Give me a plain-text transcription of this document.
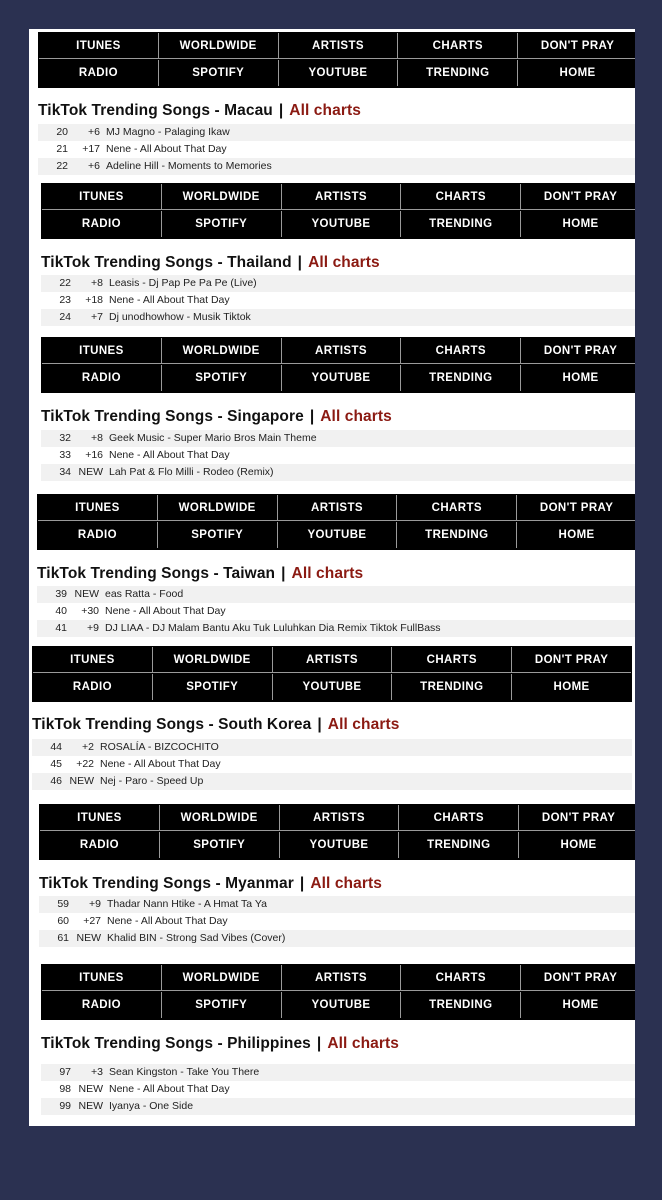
ITUNES	WORLDWIDE	ARTISTS	CHARTS	DON'T PRAY
RADIO	SPOTIFY	YOUTUBE	TRENDING	HOME
TikTok Trending Songs - Macau | All charts
20	+6 MJ Magno - Palaging Ikaw
21	+17 Nene - All About That Day
22	+6 Adeline Hill - Moments to Memories
ITUNES	WORLDWIDE	ARTISTS	CHARTS	DON'T PRAY
RADIO	SPOTIFY	YOUTUBE	TRENDING	HOME
TikTok Trending Songs - Thailand | All charts
22	+8 Leasis - Dj Pap Pe Pa Pe (Live)
23	+18 Nene - All About That Day
24	+7 Dj unodhowhow - Musik Tiktok
ITUNES	WORLDWIDE	ARTISTS	CHARTS	DON'T PRAY
RADIO	SPOTIFY	YOUTUBE	TRENDING	HOME
TikTok Trending Songs - Singapore | All charts
32	+8 Geek Music - Super Mario Bros Main Theme
33	+16 Nene - All About That Day
34 NEW Lah Pat & Flo Milli - Rodeo (Remix)
ITUNES	WORLDWIDE	ARTISTS	CHARTS	DON'T PRAY
RADIO	SPOTIFY	YOUTUBE	TRENDING	HOME
TikTok Trending Songs - Taiwan | All charts
39 NEW eas Ratta - Food
40	+30 Nene - All About That Day
41	+9 DJ LIAA - DJ Malam Bantu Aku Tuk Luluhkan Dia Remix Tiktok FullBass
ITUNES	WORLDWIDE	ARTISTS	CHARTS	DON'T PRAY
RADIO	SPOTIFY	YOUTUBE	TRENDING	HOME
TikTok Trending Songs - South Korea | All charts
44	+2 ROSALÍA - BIZCOCHITO
45	+22 Nene - All About That Day
46 NEW Nej - Paro - Speed Up
ITUNES	WORLDWIDE	ARTISTS	CHARTS	DON'T PRAY
RADIO	SPOTIFY	YOUTUBE	TRENDING	HOME
TikTok Trending Songs - Myanmar | All charts
59	+9 Thadar Nann Htike - A Hmat Ta Ya
60	+27 Nene - All About That Day
61 NEW Khalid BIN - Strong Sad Vibes (Cover)
ITUNES	WORLDWIDE	ARTISTS	CHARTS	DON'T PRAY
RADIO	SPOTIFY	YOUTUBE	TRENDING	HOME
TikTok Trending Songs - Philippines | All charts
97	+3 Sean Kingston - Take You There
98 NEW Nene - All About That Day
99 NEW Iyanya - One Side
